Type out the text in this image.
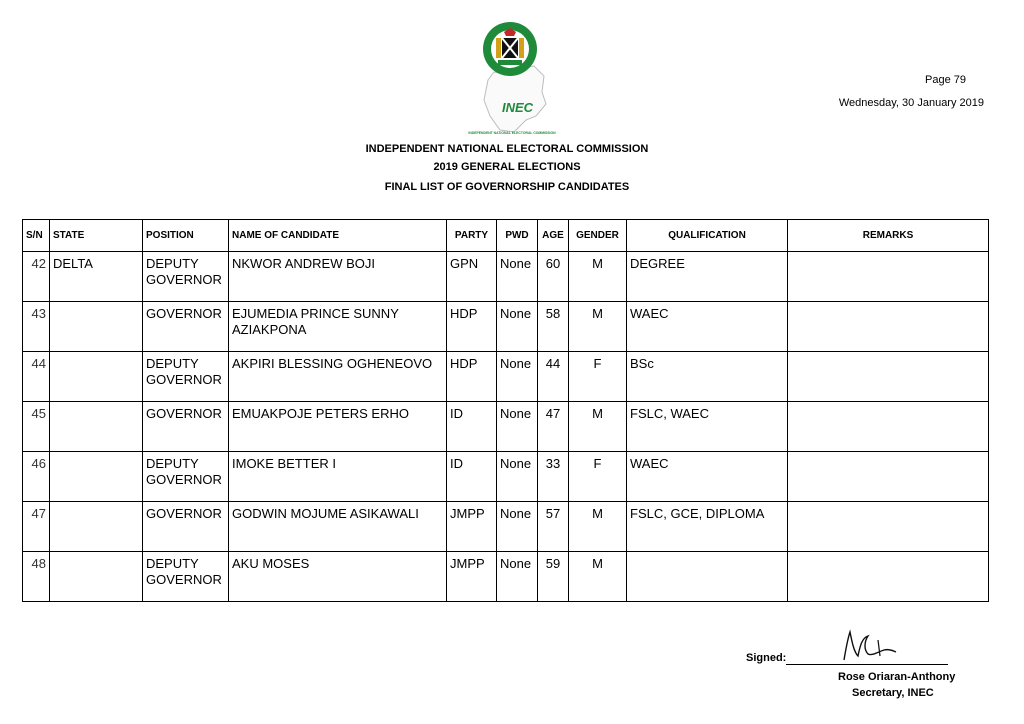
INEC
INDEPENDENT NATIONAL ELECTORAL COMMISSION
Page 79
Wednesday, 30 January 2019
INDEPENDENT NATIONAL ELECTORAL COMMISSION
2019 GENERAL ELECTIONS
FINAL LIST OF GOVERNORSHIP CANDIDATES
S/N	STATE	POSITION	NAME OF CANDIDATE	PARTY	PWD	AGE	GENDER	QUALIFICATION	REMARKS
42	DELTA	DEPUTY GOVERNOR	NKWOR ANDREW BOJI	GPN	None	60	M	DEGREE	
43		GOVERNOR	EJUMEDIA PRINCE SUNNY AZIAKPONA	HDP	None	58	M	WAEC	
44		DEPUTY GOVERNOR	AKPIRI BLESSING OGHENEOVO	HDP	None	44	F	BSc	
45		GOVERNOR	EMUAKPOJE PETERS ERHO	ID	None	47	M	FSLC, WAEC	
46		DEPUTY GOVERNOR	IMOKE BETTER I	ID	None	33	F	WAEC	
47		GOVERNOR	GODWIN MOJUME ASIKAWALI	JMPP	None	57	M	FSLC, GCE, DIPLOMA	
48		DEPUTY GOVERNOR	AKU MOSES	JMPP	None	59	M		
Signed:
Rose Oriaran-Anthony
Secretary, INEC
